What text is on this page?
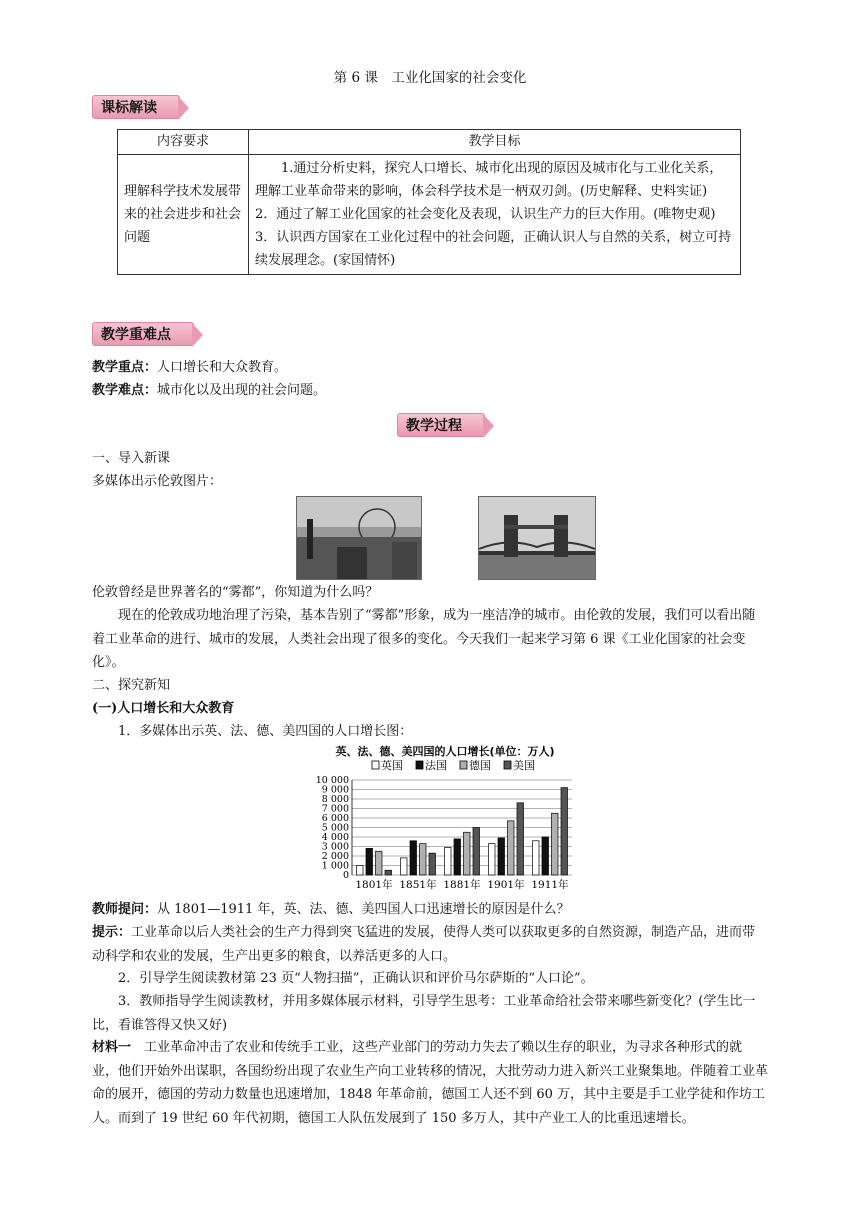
第 6 课　工业化国家的社会变化
课标解读
内容要求	教学目标
理解科学技术发展带来的社会进步和社会问题	1.通过分析史料，探究人口增长、城市化出现的原因及城市化与工业化关系，理解工业革命带来的影响，体会科学技术是一柄双刃剑。(历史解释、史料实证)
2．通过了解工业化国家的社会变化及表现，认识生产力的巨大作用。(唯物史观)
3．认识西方国家在工业化过程中的社会问题，正确认识人与自然的关系，树立可持续发展理念。(家国情怀)
教学重难点
教学重点：人口增长和大众教育。
教学难点：城市化以及出现的社会问题。
教学过程
一、导入新课
多媒体出示伦敦图片：
伦敦曾经是世界著名的“雾都”，你知道为什么吗？
现在的伦敦成功地治理了污染，基本告别了“雾都”形象，成为一座洁净的城市。由伦敦的发展，我们可以看出随着工业革命的进行、城市的发展，人类社会出现了很多的变化。今天我们一起来学习第 6 课《工业化国家的社会变化》。
二、探究新知
(一)人口增长和大众教育
1．多媒体出示英、法、德、美四国的人口增长图：
英、法、德、美四国的人口增长(单位：万人)
英国 法国 德国 美国
10 000
9 000
8 000
7 000
6 000
5 000
4 000
3 000
2 000
1 000
0
1801年 1851年 1881年 1901年 1911年
教师提问：从 1801—1911 年，英、法、德、美四国人口迅速增长的原因是什么？
提示：工业革命以后人类社会的生产力得到突飞猛进的发展，使得人类可以获取更多的自然资源，制造产品，进而带动科学和农业的发展，生产出更多的粮食，以养活更多的人口。
2．引导学生阅读教材第 23 页“人物扫描”，正确认识和评价马尔萨斯的“人口论”。
3．教师指导学生阅读教材，并用多媒体展示材料，引导学生思考：工业革命给社会带来哪些新变化？(学生比一比，看谁答得又快又好)
材料一　 工业革命冲击了农业和传统手工业，这些产业部门的劳动力失去了赖以生存的职业，为寻求各种形式的就业，他们开始外出谋职，各国纷纷出现了农业生产向工业转移的情况，大批劳动力进入新兴工业聚集地。伴随着工业革命的展开，德国的劳动力数量也迅速增加，1848 年革命前，德国工人还不到 60 万，其中主要是手工业学徒和作坊工人。而到了 19 世纪 60 年代初期，德国工人队伍发展到了 150 多万人，其中产业工人的比重迅速增长。
